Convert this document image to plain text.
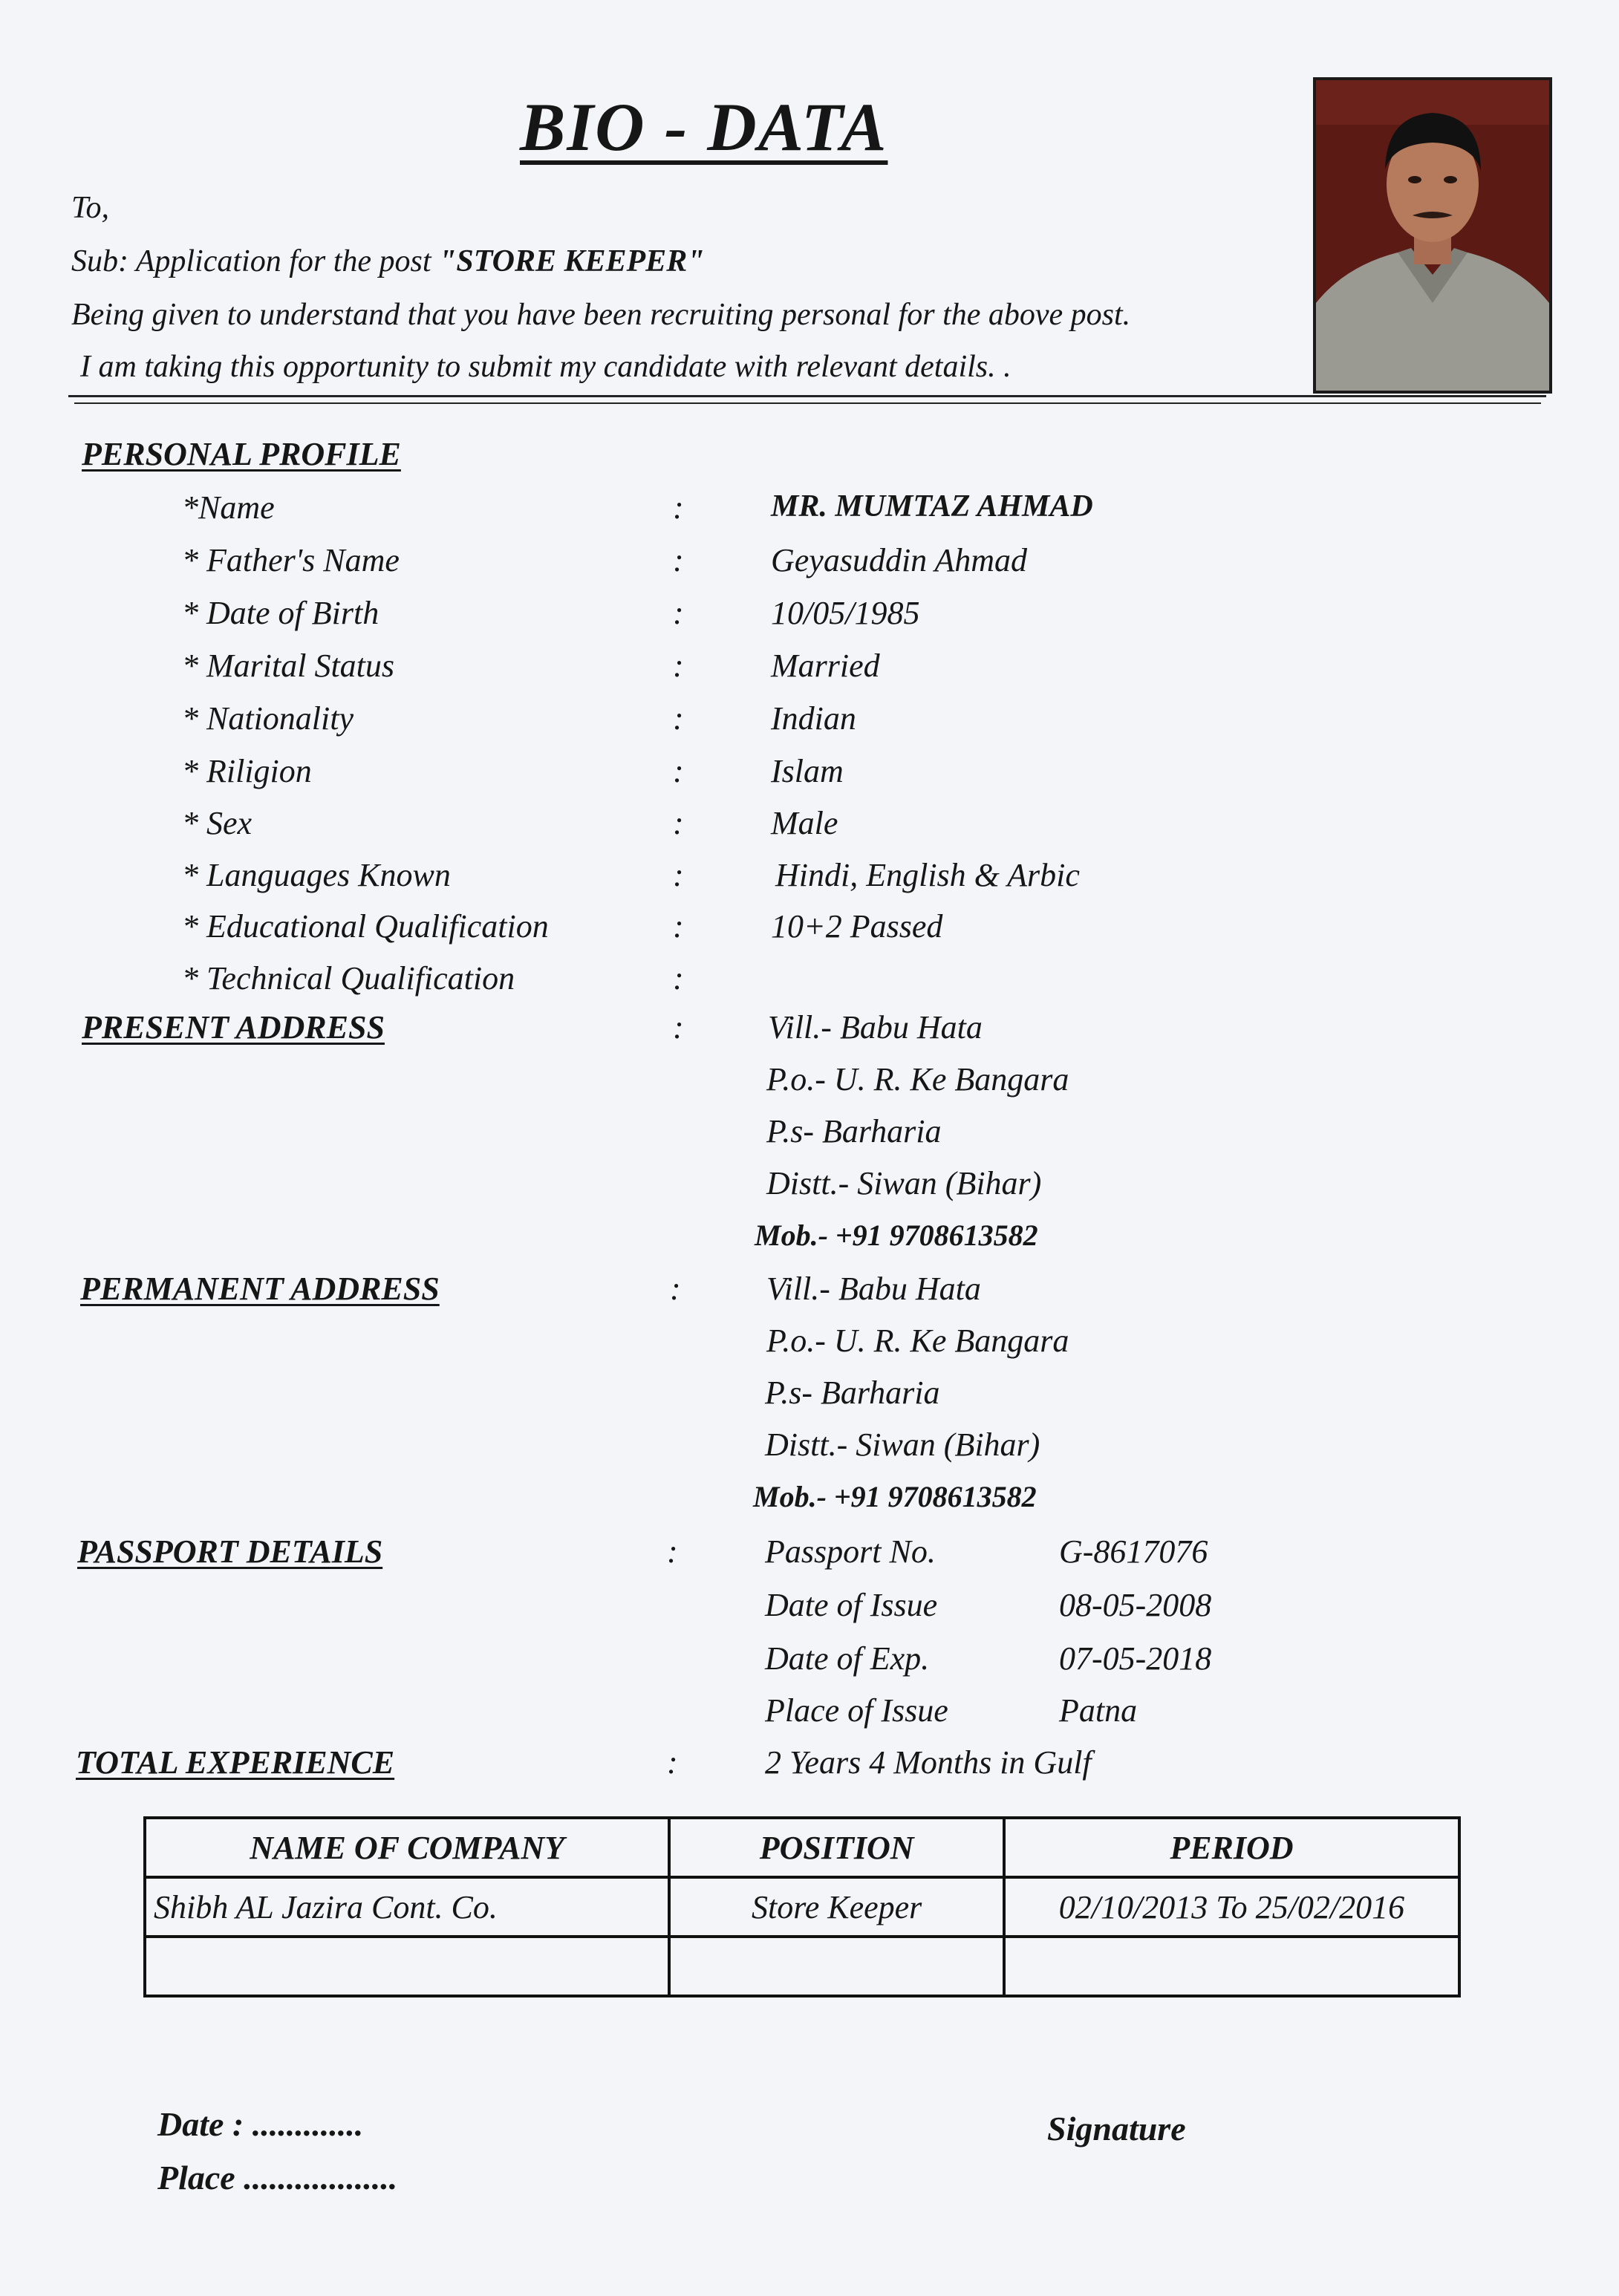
BIO - DATA
To,
Sub: Application for the post "STORE KEEPER"
Being given to understand that you have been recruiting personal for the above post.
I am taking this opportunity to submit my candidate with relevant details. .
PERSONAL PROFILE
*Name	:	MR. MUMTAZ AHMAD
* Father's Name	:	Geyasuddin Ahmad
* Date of Birth	:	10/05/1985
* Marital Status	:	Married
* Nationality	:	Indian
* Riligion	:	Islam
* Sex	:	Male
* Languages Known	:	Hindi, English & Arbic
* Educational Qualification	:	10+2 Passed
* Technical Qualification	:
PRESENT ADDRESS	:	Vill.- Babu Hata
P.o.- U. R. Ke Bangara
P.s- Barharia
Distt.- Siwan (Bihar)
Mob.- +91 9708613582
PERMANENT ADDRESS	:	Vill.- Babu Hata
P.o.- U. R. Ke Bangara
P.s- Barharia
Distt.- Siwan (Bihar)
Mob.- +91 9708613582
PASSPORT DETAILS	:	Passport No.	G-8617076
Date of Issue	08-05-2008
Date of Exp.	07-05-2018
Place of Issue	Patna
TOTAL EXPERIENCE	:	2 Years 4 Months in Gulf
NAME OF COMPANY	POSITION	PERIOD
Shibh AL Jazira Cont. Co.	Store Keeper	02/10/2013 To 25/02/2016

Date : .............
Place ..................
Signature
